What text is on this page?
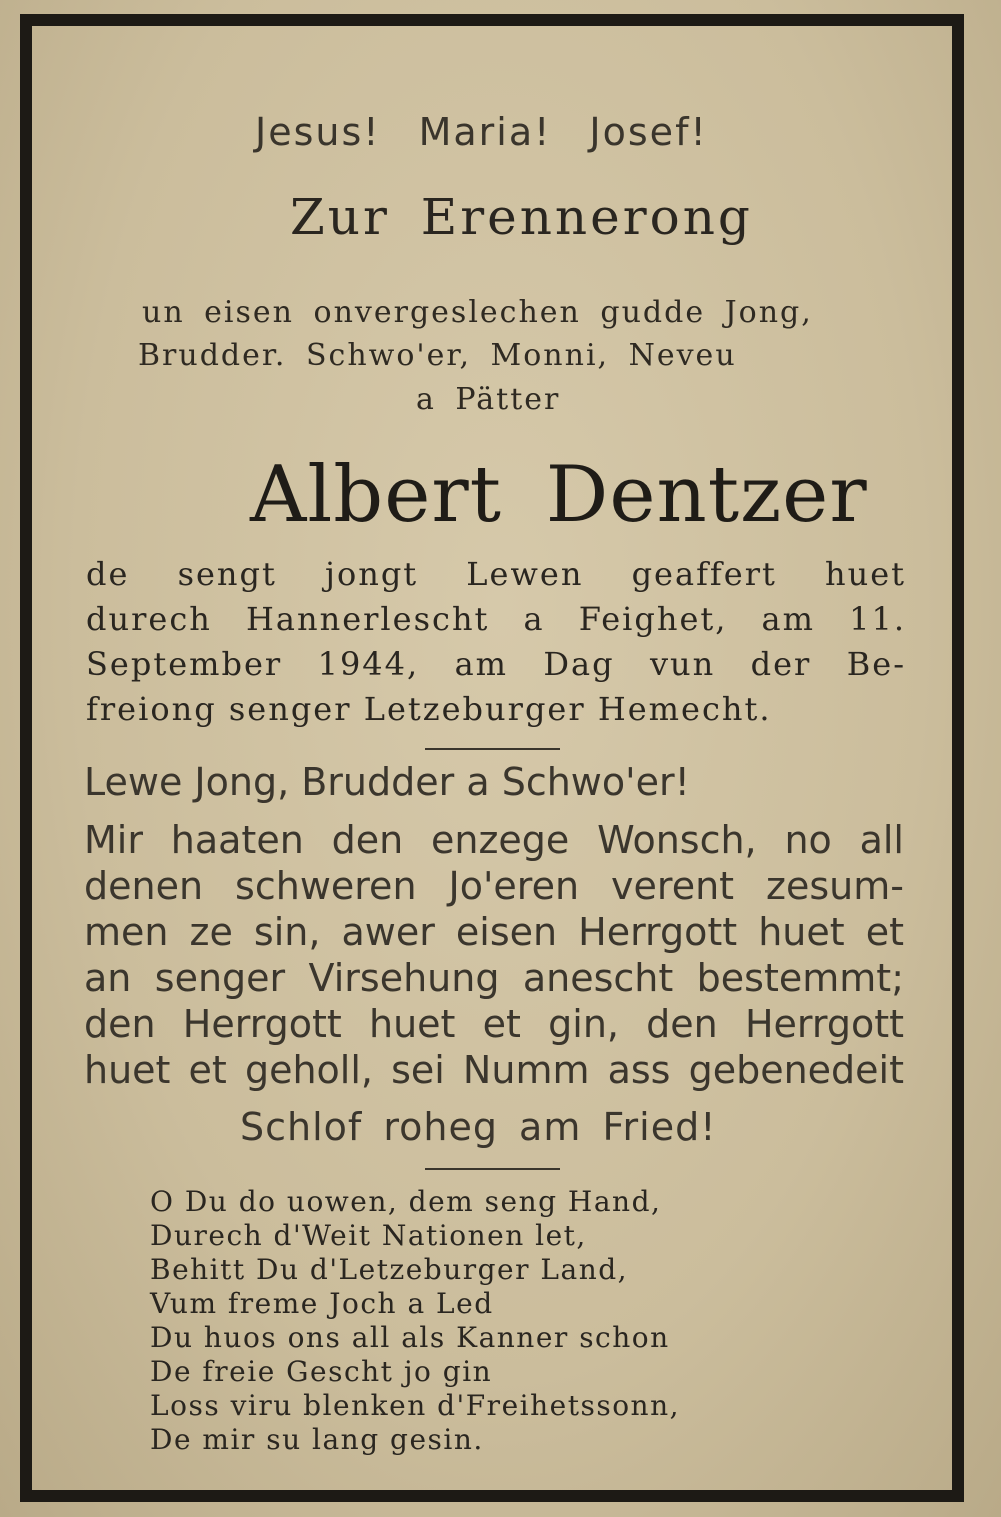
Jesus! Maria! Josef!
Zur Erennerong
un eisen onvergeslechen gudde Jong,
Brudder. Schwo'er, Monni, Neveu
a Pätter
Albert Dentzer
de sengt jongt Lewen geaffert huet
durech Hannerlescht a Feighet, am 11.
September 1944, am Dag vun der Be-
freiong senger Letzeburger Hemecht.
Lewe Jong, Brudder a Schwo'er!
Mir haaten den enzege Wonsch, no all
denen schweren Jo'eren verent zesum-
men ze sin, awer eisen Herrgott huet et
an senger Virsehung anescht bestemmt;
den Herrgott huet et gin, den Herrgott
huet et geholl, sei Numm ass gebenedeit
Schlof roheg am Fried!
O Du do uowen, dem seng Hand,
Durech d'Weit Nationen let,
Behitt Du d'Letzeburger Land,
Vum freme Joch a Led
Du huos ons all als Kanner schon
De freie Gescht jo gin
Loss viru blenken d'Freihetssonn,
De mir su lang gesin.
